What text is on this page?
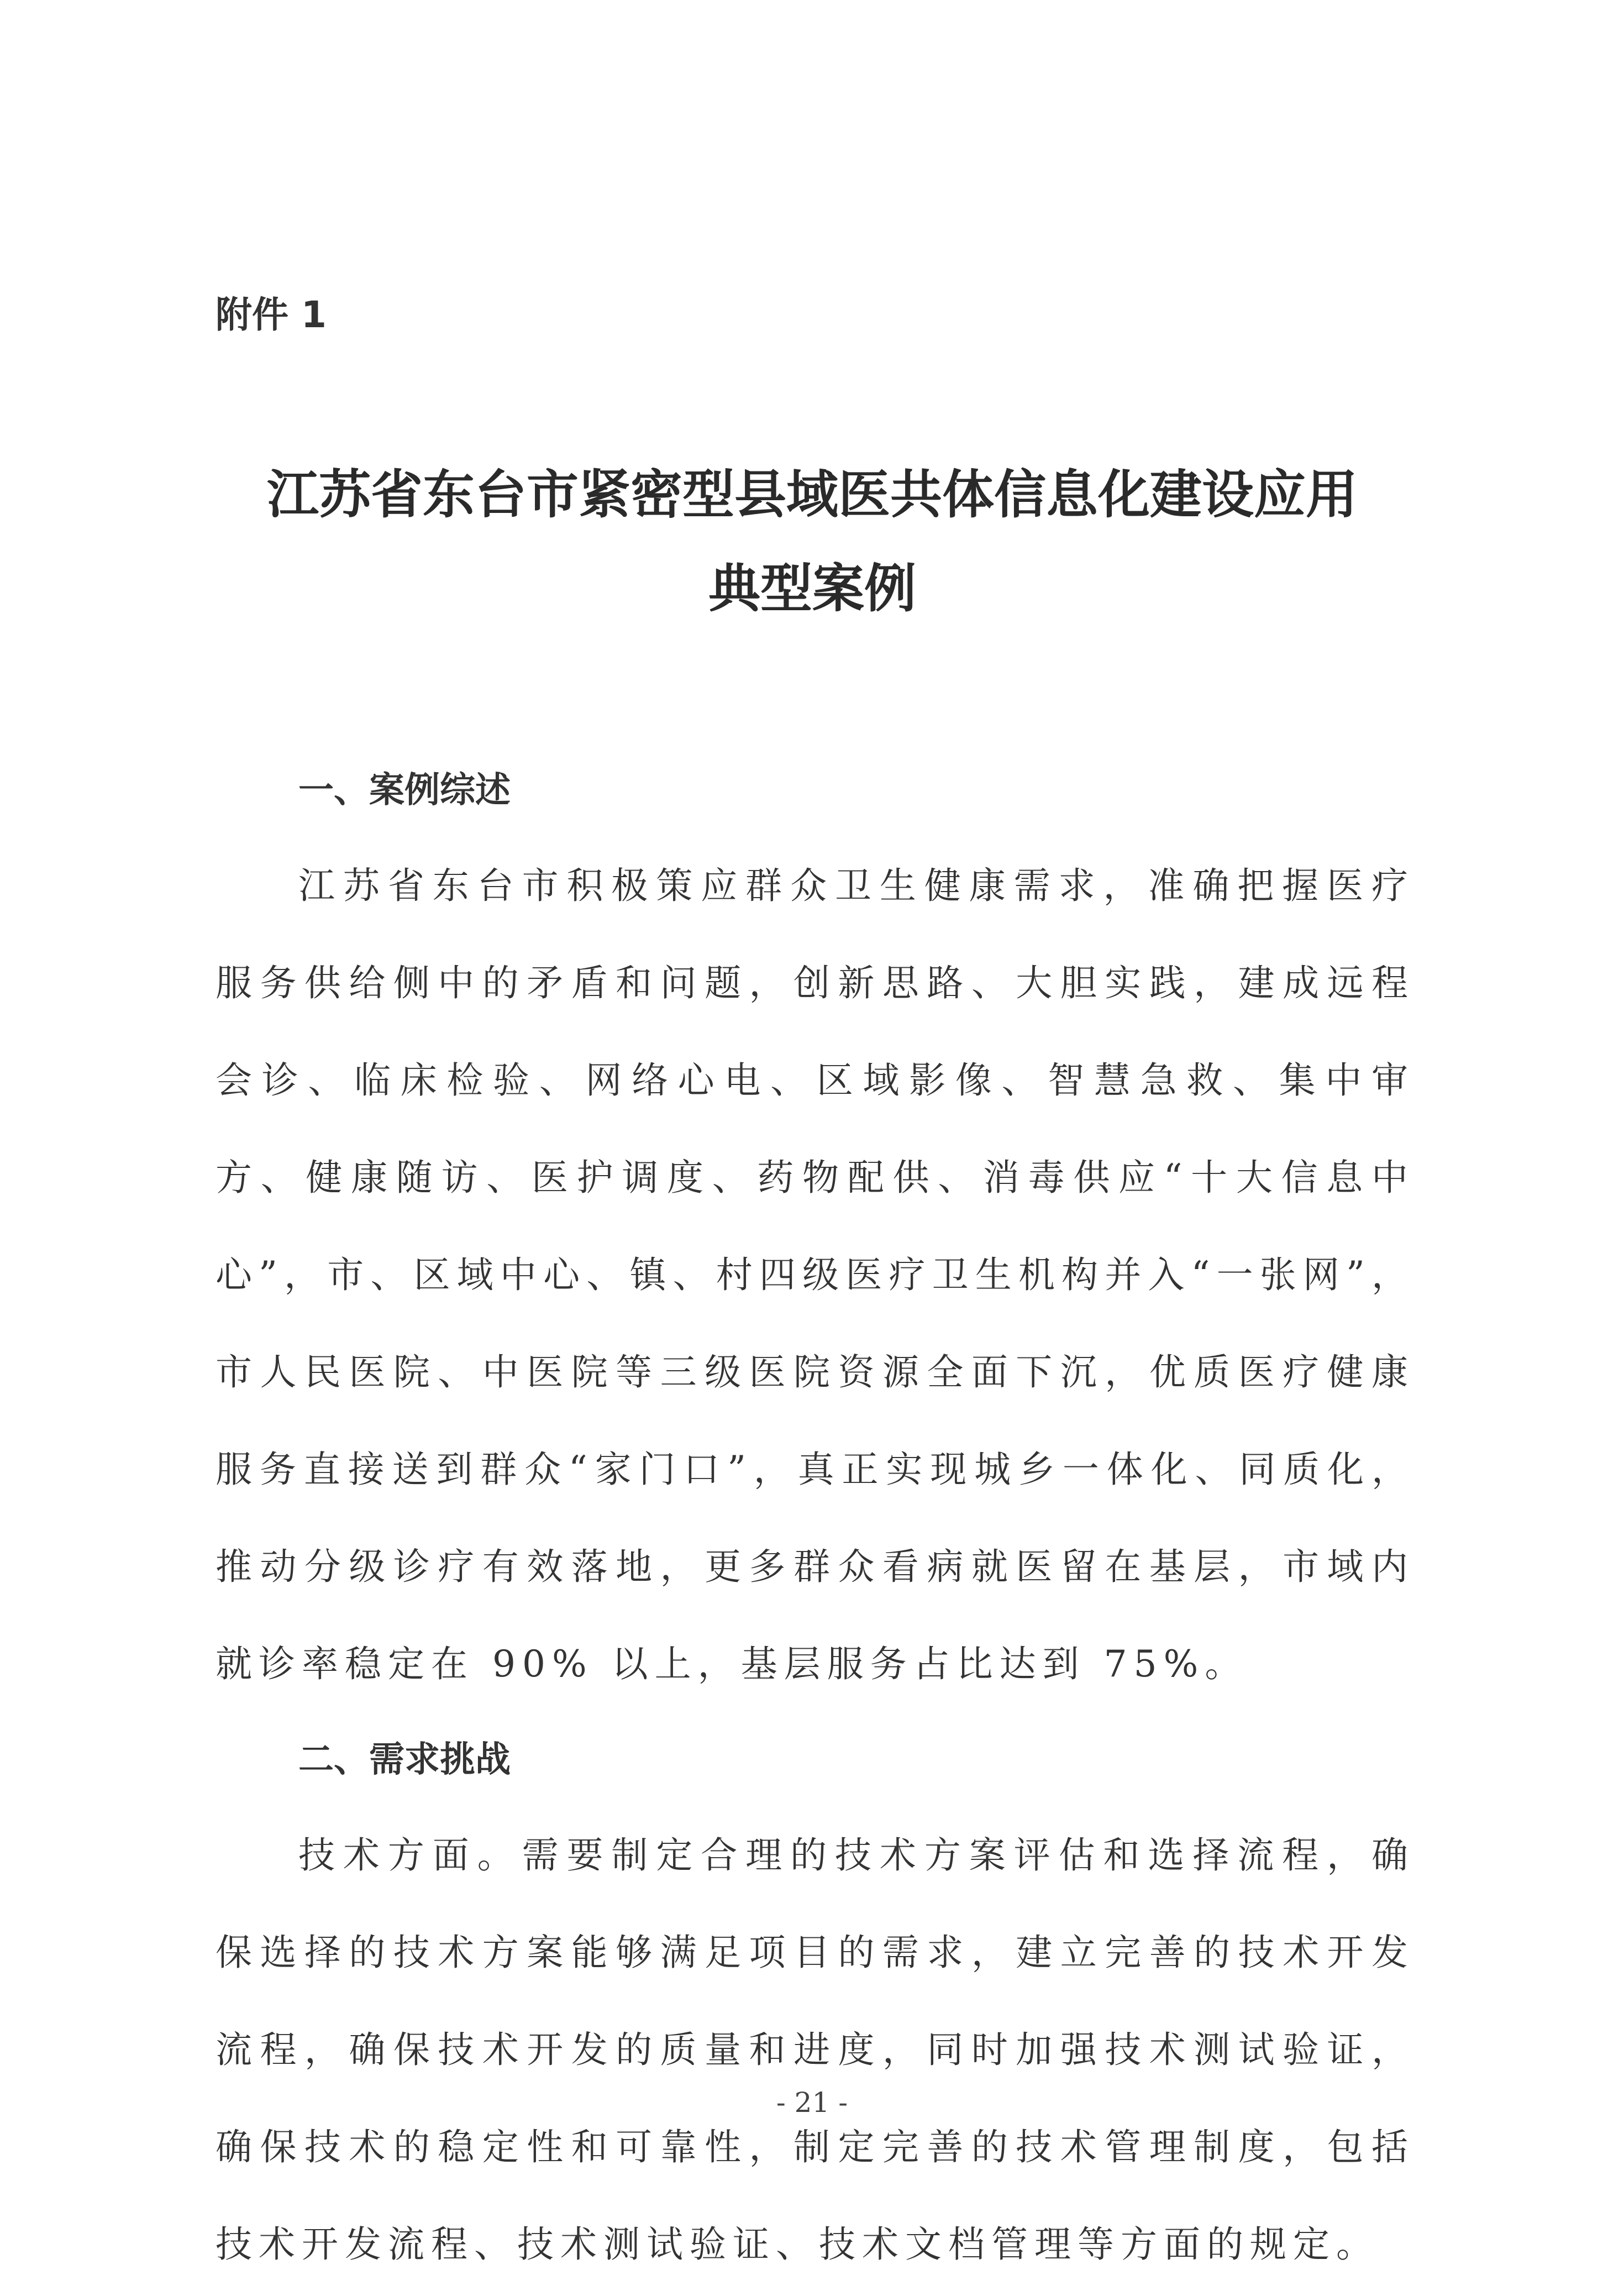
附件 1
江苏省东台市紧密型县域医共体信息化建设应用
典型案例
一、案例综述

江苏省东台市积极策应群众卫生健康需求，准确把握医疗服务供给侧中的矛盾和问题，创新思路、大胆实践，建成远程会诊、临床检验、网络心电、区域影像、智慧急救、集中审方、健康随访、医护调度、药物配供、消毒供应“十大信息中心”，市、区域中心、镇、村四级医疗卫生机构并入“一张网”，市人民医院、中医院等三级医院资源全面下沉，优质医疗健康服务直接送到群众“家门口”，真正实现城乡一体化、同质化，推动分级诊疗有效落地，更多群众看病就医留在基层，市域内就诊率稳定在 90% 以上，基层服务占比达到 75%。

二、需求挑战

技术方面。需要制定合理的技术方案评估和选择流程，确保选择的技术方案能够满足项目的需求，建立完善的技术开发流程，确保技术开发的质量和进度，同时加强技术测试验证，确保技术的稳定性和可靠性，制定完善的技术管理制度，包括技术开发流程、技术测试验证、技术文档管理等方面的规定。

- 21 -
